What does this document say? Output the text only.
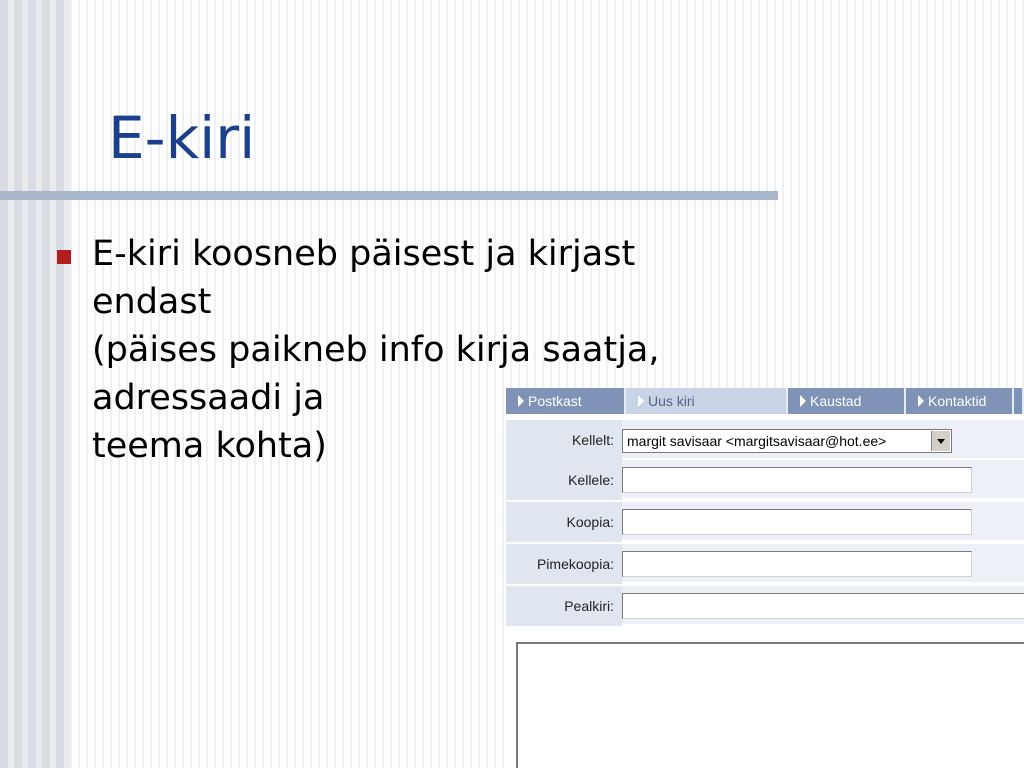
E-kiri
E-kiri koosneb päisest ja kirjast
endast
(päises paikneb info kirja saatja,
adressaadi ja
teema kohta)
Postkast	Uus kiri	Kaustad	Kontaktid
Kellelt: margit savisaar <margitsavisaar@hot.ee>
Kellele:
Koopia:
Pimekoopia:
Pealkiri:
